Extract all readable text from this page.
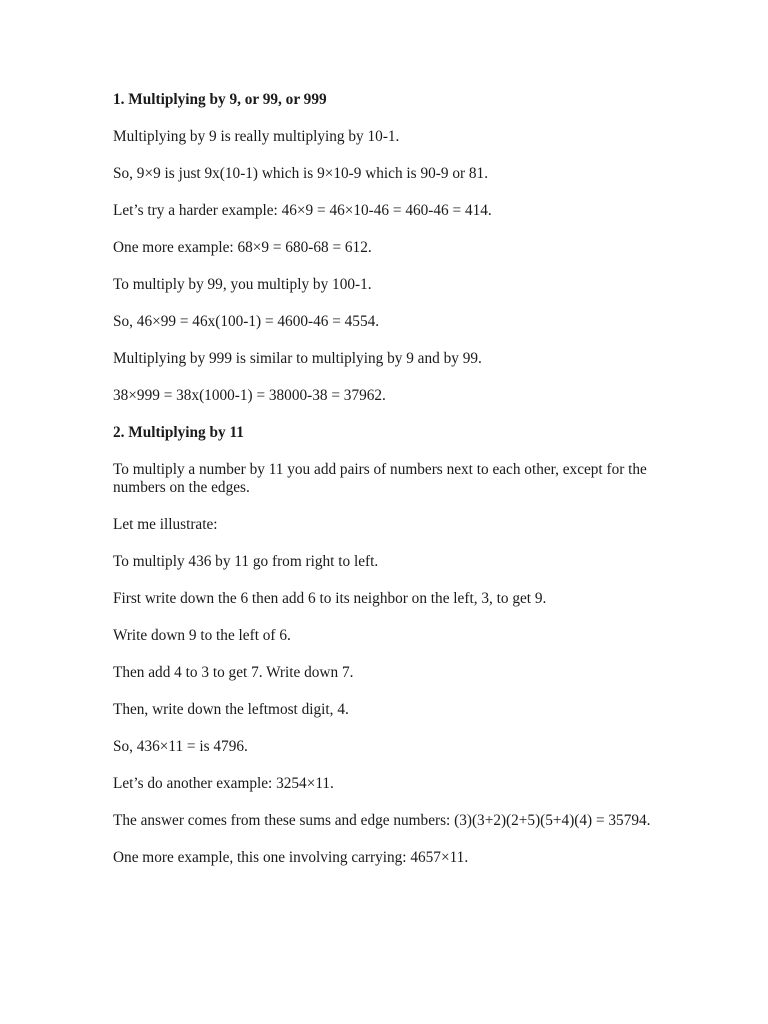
1. Multiplying by 9, or 99, or 999

Multiplying by 9 is really multiplying by 10-1.

So, 9×9 is just 9x(10-1) which is 9×10-9 which is 90-9 or 81.

Let’s try a harder example: 46×9 = 46×10-46 = 460-46 = 414.

One more example: 68×9 = 680-68 = 612.

To multiply by 99, you multiply by 100-1.

So, 46×99 = 46x(100-1) = 4600-46 = 4554.

Multiplying by 999 is similar to multiplying by 9 and by 99.

38×999 = 38x(1000-1) = 38000-38 = 37962.

2. Multiplying by 11

To multiply a number by 11 you add pairs of numbers next to each other, except for the numbers on the edges.

Let me illustrate:

To multiply 436 by 11 go from right to left.

First write down the 6 then add 6 to its neighbor on the left, 3, to get 9.

Write down 9 to the left of 6.

Then add 4 to 3 to get 7. Write down 7.

Then, write down the leftmost digit, 4.

So, 436×11 = is 4796.

Let’s do another example: 3254×11.

The answer comes from these sums and edge numbers: (3)(3+2)(2+5)(5+4)(4) = 35794.

One more example, this one involving carrying: 4657×11.
